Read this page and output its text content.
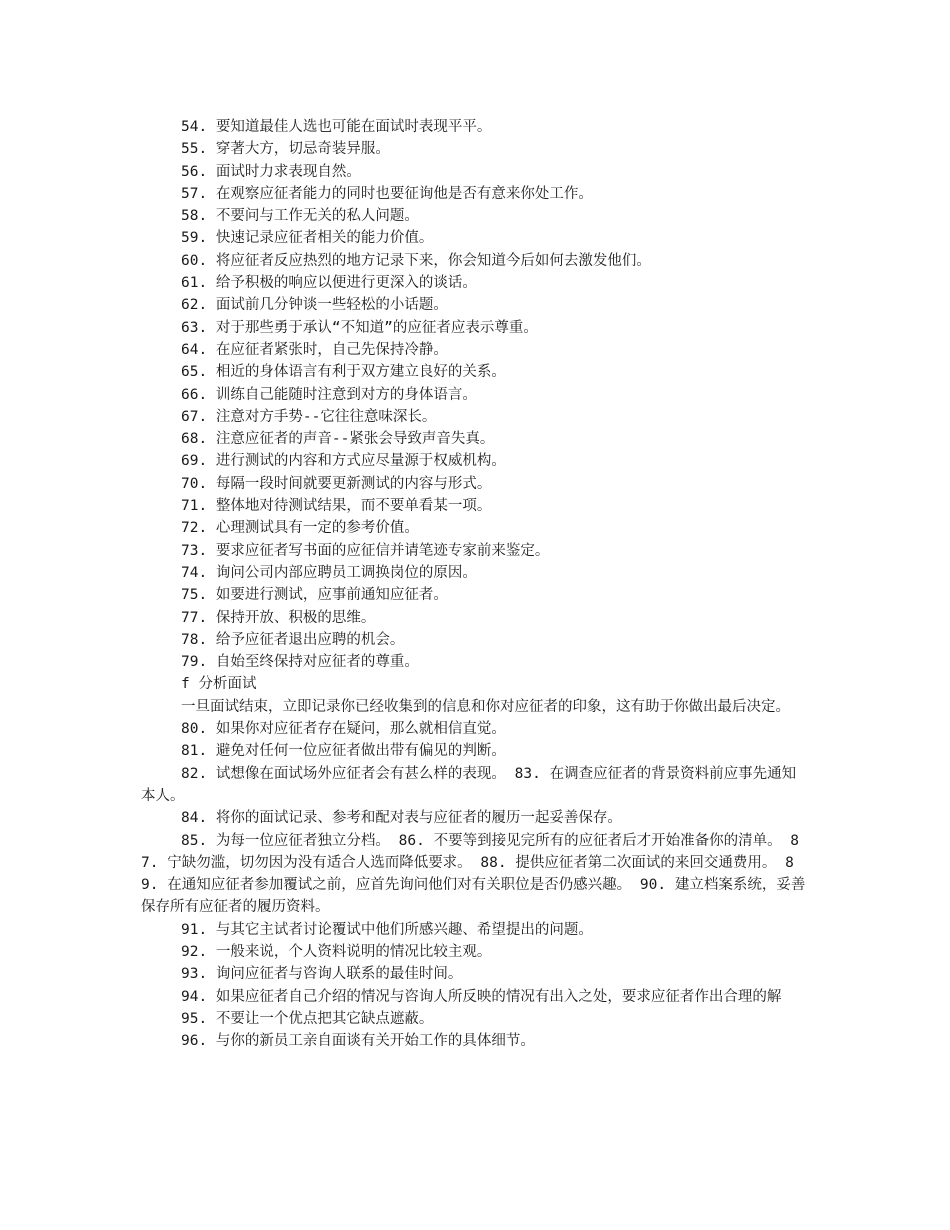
54. 要知道最佳人选也可能在面试时表现平平。

55. 穿著大方，切忌奇装异服。

56. 面试时力求表现自然。

57. 在观察应征者能力的同时也要征询他是否有意来你处工作。

58. 不要问与工作无关的私人问题。

59. 快速记录应征者相关的能力价值。

60. 将应征者反应热烈的地方记录下来，你会知道今后如何去激发他们。

61. 给予积极的响应以便进行更深入的谈话。

62. 面试前几分钟谈一些轻松的小话题。

63. 对于那些勇于承认“不知道”的应征者应表示尊重。

64. 在应征者紧张时，自己先保持冷静。

65. 相近的身体语言有利于双方建立良好的关系。

66. 训练自己能随时注意到对方的身体语言。

67. 注意对方手势--它往往意味深长。

68. 注意应征者的声音--紧张会导致声音失真。

69. 进行测试的内容和方式应尽量源于权威机构。

70. 每隔一段时间就要更新测试的内容与形式。

71. 整体地对待测试结果，而不要单看某一项。

72. 心理测试具有一定的参考价值。

73. 要求应征者写书面的应征信并请笔迹专家前来鉴定。

74. 询问公司内部应聘员工调换岗位的原因。

75. 如要进行测试，应事前通知应征者。

77. 保持开放、积极的思维。

78. 给予应征者退出应聘的机会。

79. 自始至终保持对应征者的尊重。

f 分析面试

一旦面试结束，立即记录你已经收集到的信息和你对应征者的印象，这有助于你做出最后决定。

80. 如果你对应征者存在疑问，那么就相信直觉。

81. 避免对任何一位应征者做出带有偏见的判断。

82. 试想像在面试场外应征者会有甚么样的表现。 83. 在调查应征者的背景资料前应事先通知本人。

84. 将你的面试记录、参考和配对表与应征者的履历一起妥善保存。

85. 为每一位应征者独立分档。 86. 不要等到接见完所有的应征者后才开始准备你的清单。 87. 宁缺勿滥，切勿因为没有适合人选而降低要求。 88. 提供应征者第二次面试的来回交通费用。 89. 在通知应征者参加覆试之前，应首先询问他们对有关职位是否仍感兴趣。 90. 建立档案系统，妥善保存所有应征者的履历资料。

91. 与其它主试者讨论覆试中他们所感兴趣、希望提出的问题。

92. 一般来说，个人资料说明的情况比较主观。

93. 询问应征者与咨询人联系的最佳时间。

94. 如果应征者自己介绍的情况与咨询人所反映的情况有出入之处，要求应征者作出合理的解

95. 不要让一个优点把其它缺点遮蔽。

96. 与你的新员工亲自面谈有关开始工作的具体细节。
